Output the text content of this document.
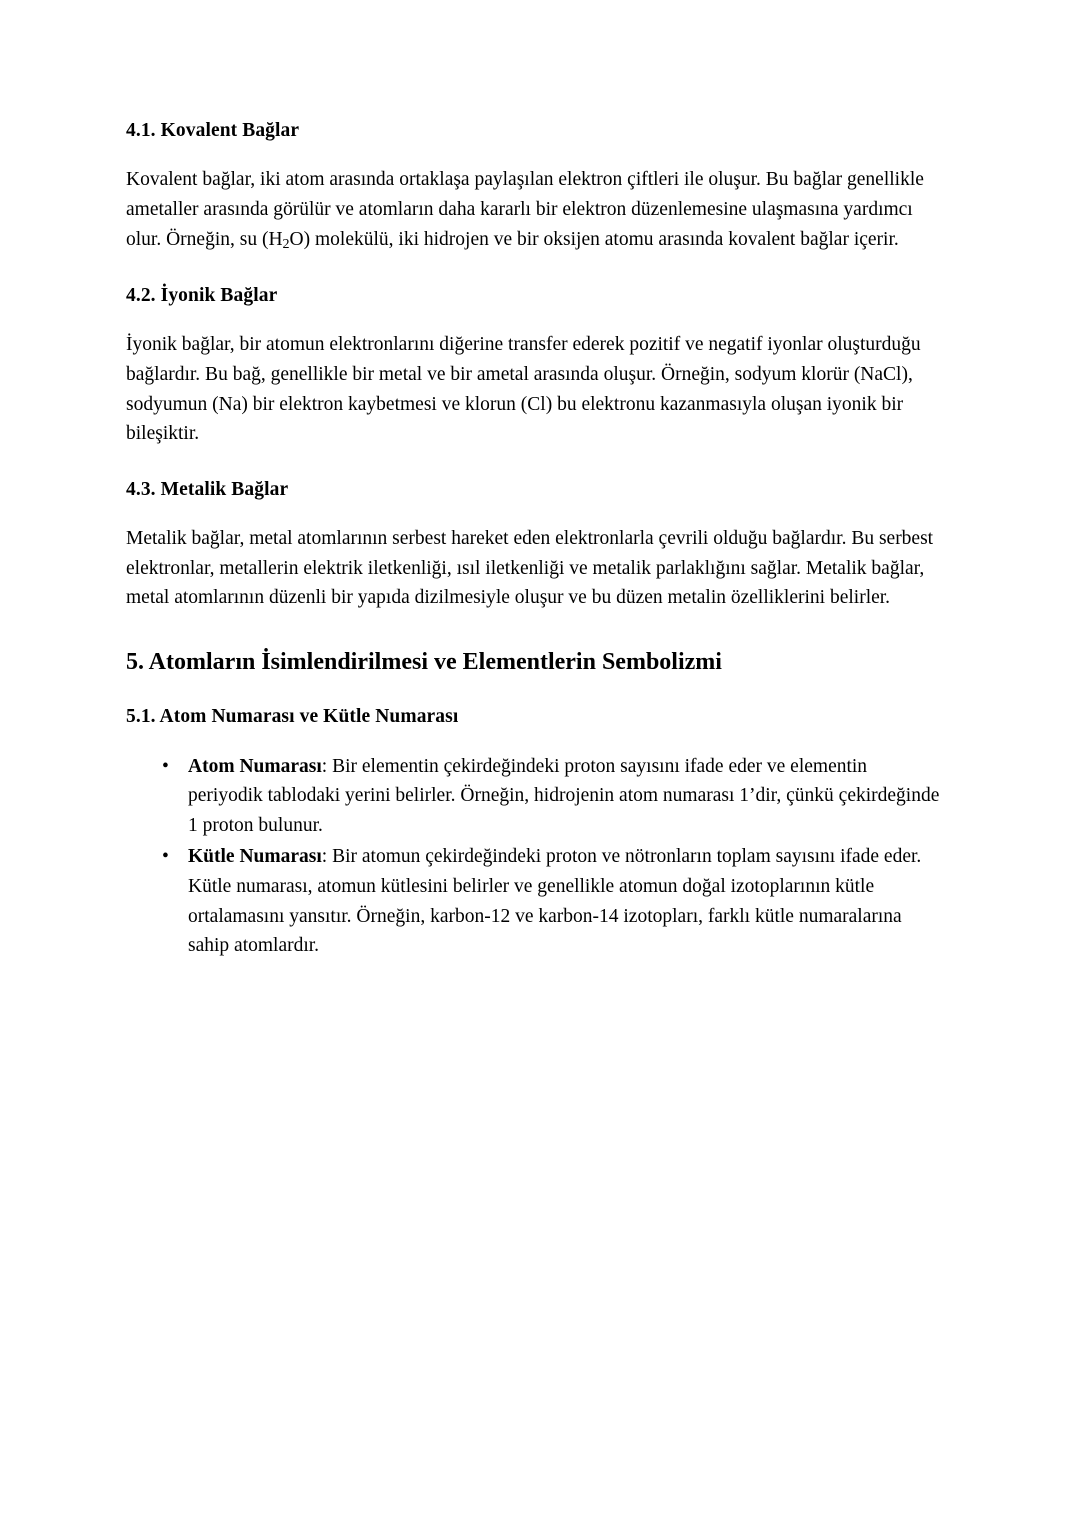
4.1. Kovalent Bağlar

Kovalent bağlar, iki atom arasında ortaklaşa paylaşılan elektron çiftleri ile oluşur. Bu bağlar genellikle ametaller arasında görülür ve atomların daha kararlı bir elektron düzenlemesine ulaşmasına yardımcı olur. Örneğin, su $(H_2O)$ molekülü, iki hidrojen ve bir oksijen atomu arasında kovalent bağlar içerir.

4.2. İyonik Bağlar

İyonik bağlar, bir atomun elektronlarını diğerine transfer ederek pozitif ve negatif iyonlar oluşturduğu bağlardır. Bu bağ, genellikle bir metal ve bir ametal arasında oluşur. Örneğin, sodyum klorür (NaCl), sodyumun (Na) bir elektron kaybetmesi ve klorun (Cl) bu elektronu kazanmasıyla oluşan iyonik bir bileşiktir.

4.3. Metalik Bağlar

Metalik bağlar, metal atomlarının serbest hareket eden elektronlarla çevrili olduğu bağlardır. Bu serbest elektronlar, metallerin elektrik iletkenliği, ısıl iletkenliği ve metalik parlaklığını sağlar. Metalik bağlar, metal atomlarının düzenli bir yapıda dizilmesiyle oluşur ve bu düzen metalin özelliklerini belirler.

5. Atomların İsimlendirilmesi ve Elementlerin Sembolizmi
5.1. Atom Numarası ve Kütle Numarası
• Atom Numarası: Bir elementin çekirdeğindeki proton sayısını ifade eder ve elementin periyodik tablodaki yerini belirler. Örneğin, hidrojenin atom numarası 1’dir, çünkü çekirdeğinde 1 proton bulunur.
• Kütle Numarası: Bir atomun çekirdeğindeki proton ve nötronların toplam sayısını ifade eder. Kütle numarası, atomun kütlesini belirler ve genellikle atomun doğal izotoplarının kütle ortalamasını yansıtır. Örneğin, karbon-12 ve karbon-14 izotopları, farklı kütle numaralarına sahip atomlardır.
